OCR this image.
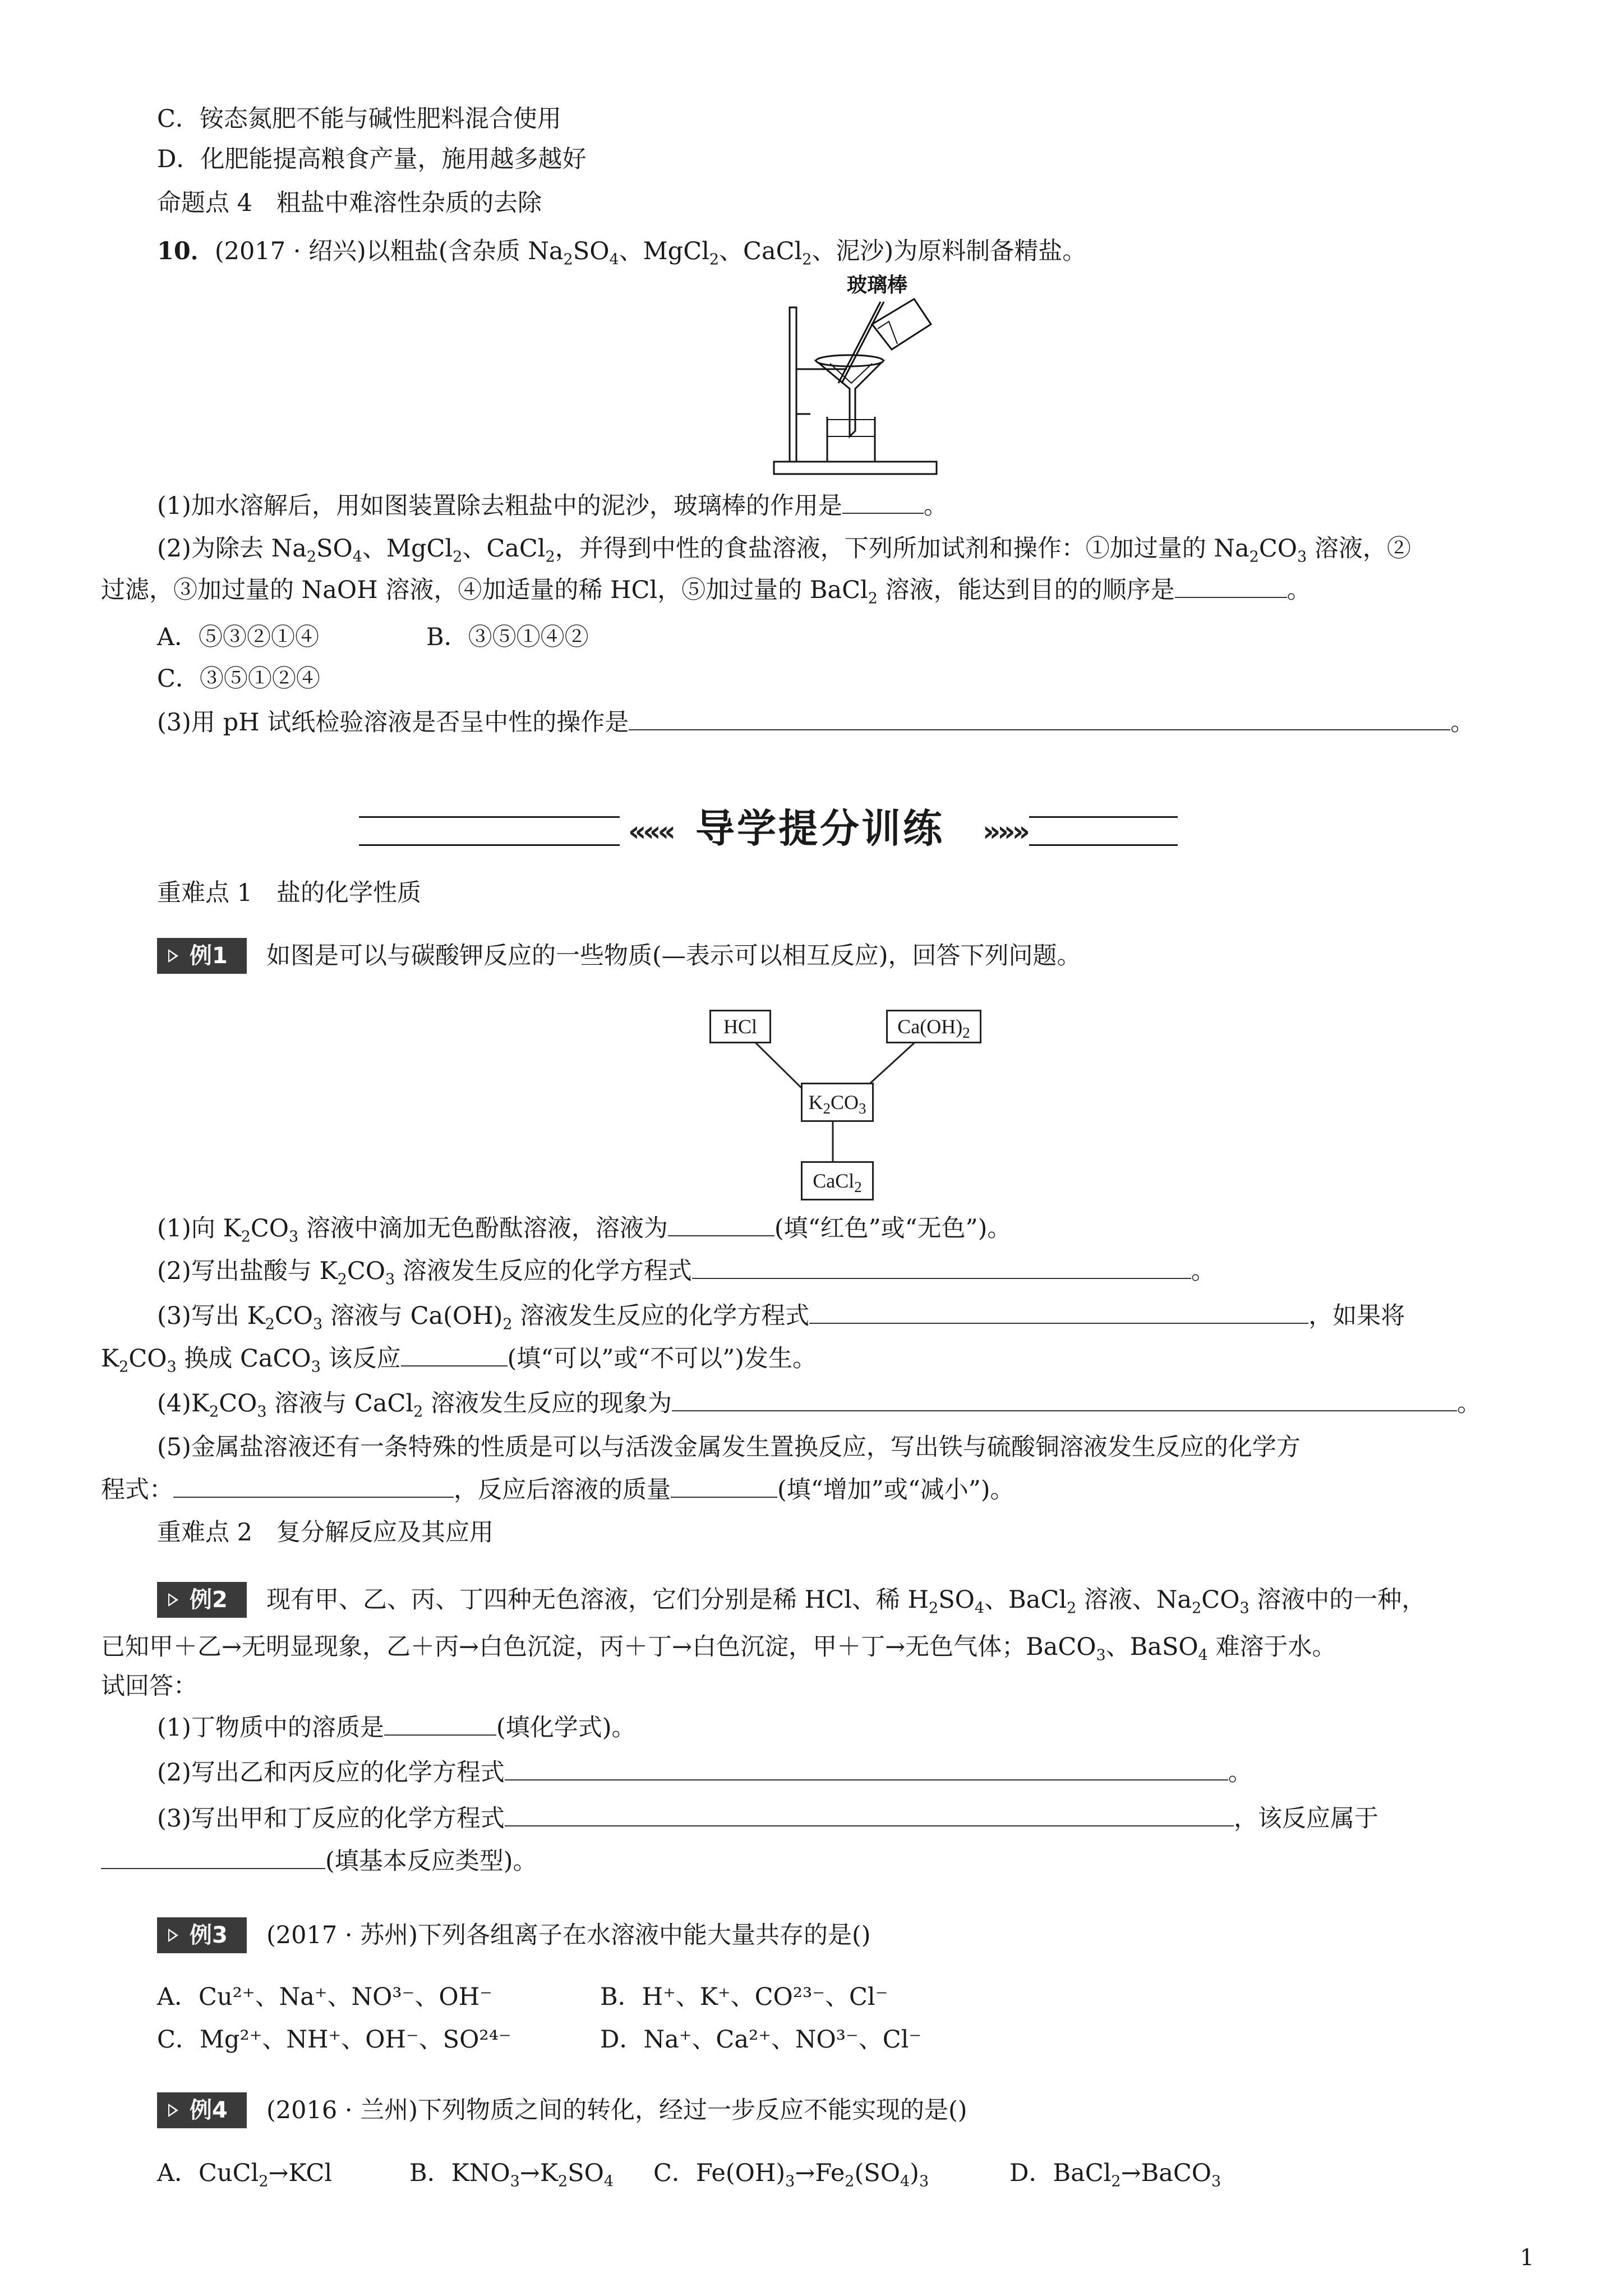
C．铵态氮肥不能与碱性肥料混合使用
D．化肥能提高粮食产量，施用越多越好
命题点 4　粗盐中难溶性杂质的去除
10．(2017 · 绍兴)以粗盐(含杂质 $Na_2SO_4$、MgCl$_2$、CaCl$_2$、泥沙)为原料制备精盐。
玻璃棒
(1)加水溶解后，用如图装置除去粗盐中的泥沙，玻璃棒的作用是	。
(2)为除去 $Na_2SO_4$、MgCl$_2$、CaCl$_2$，并得到中性的食盐溶液，下列所加试剂和操作：①加过量的 $Na_2CO_3$ 溶液，②
过滤，③加过量的 NaOH 溶液，④加适量的稀 HCl，⑤加过量的 BaCl$_2$ 溶液，能达到目的的顺序是	。
A．⑤③②①④	B．③⑤①④②
C．③⑤①②④
(3)用 pH 试纸检验溶液是否呈中性的操作是	。
««« 导学提分训练 »»»
重难点 1　盐的化学性质
例1	如图是可以与碳酸钾反应的一些物质(—表示可以相互反应)，回答下列问题。
HCl	$Ca(OH)_2$
$K_2CO_3$
CaCl$_2$
(1)向 $K_2CO_3$ 溶液中滴加无色酚酞溶液，溶液为	(填“红色”或“无色”)。
(2)写出盐酸与 $K_2CO_3$ 溶液发生反应的化学方程式	。
(3)写出 $K_2CO_3$ 溶液与 $Ca(OH)_2$ 溶液发生反应的化学方程式	，如果将
$K_2CO_3$ 换成 CaCO$_3$ 该反应	(填“可以”或“不可以”)发生。
$(4)K_2CO_3$ 溶液与 CaCl$_2$ 溶液发生反应的现象为	。
(5)金属盐溶液还有一条特殊的性质是可以与活泼金属发生置换反应，写出铁与硫酸铜溶液发生反应的化学方
程式：	，反应后溶液的质量	(填“增加”或“减小”)。
重难点 2　复分解反应及其应用
例2	现有甲、乙、丙、丁四种无色溶液，它们分别是稀 HCl、稀 $H_2SO_4$、BaCl$_2$ 溶液、$Na_2CO_3$ 溶液中的一种，
已知甲＋乙→无明显现象，乙＋丙→白色沉淀，丙＋丁→白色沉淀，甲＋丁→无色气体；BaCO$_3$、BaSO$_4$ 难溶于水。
试回答：
(1)丁物质中的溶质是	(填化学式)。
(2)写出乙和丙反应的化学方程式	。
(3)写出甲和丁反应的化学方程式	，该反应属于
(填基本反应类型)。
例3	(2017 · 苏州)下列各组离子在水溶液中能大量共存的是()
A．Cu²⁺、Na⁺、NO³⁻、OH⁻	B．H⁺、K⁺、CO²³⁻、Cl⁻
C．Mg²⁺、NH⁺、OH⁻、SO²⁴⁻	D．Na⁺、Ca²⁺、NO³⁻、Cl⁻
例4	(2016 · 兰州)下列物质之间的转化，经过一步反应不能实现的是()
A．CuCl$_2$→KCl	B．$KNO_3\to K_2SO_4$ C．$Fe(OH)_3\to Fe_2(SO_4)_3$	D．BaCl$_2$→BaCO$_3$
1
